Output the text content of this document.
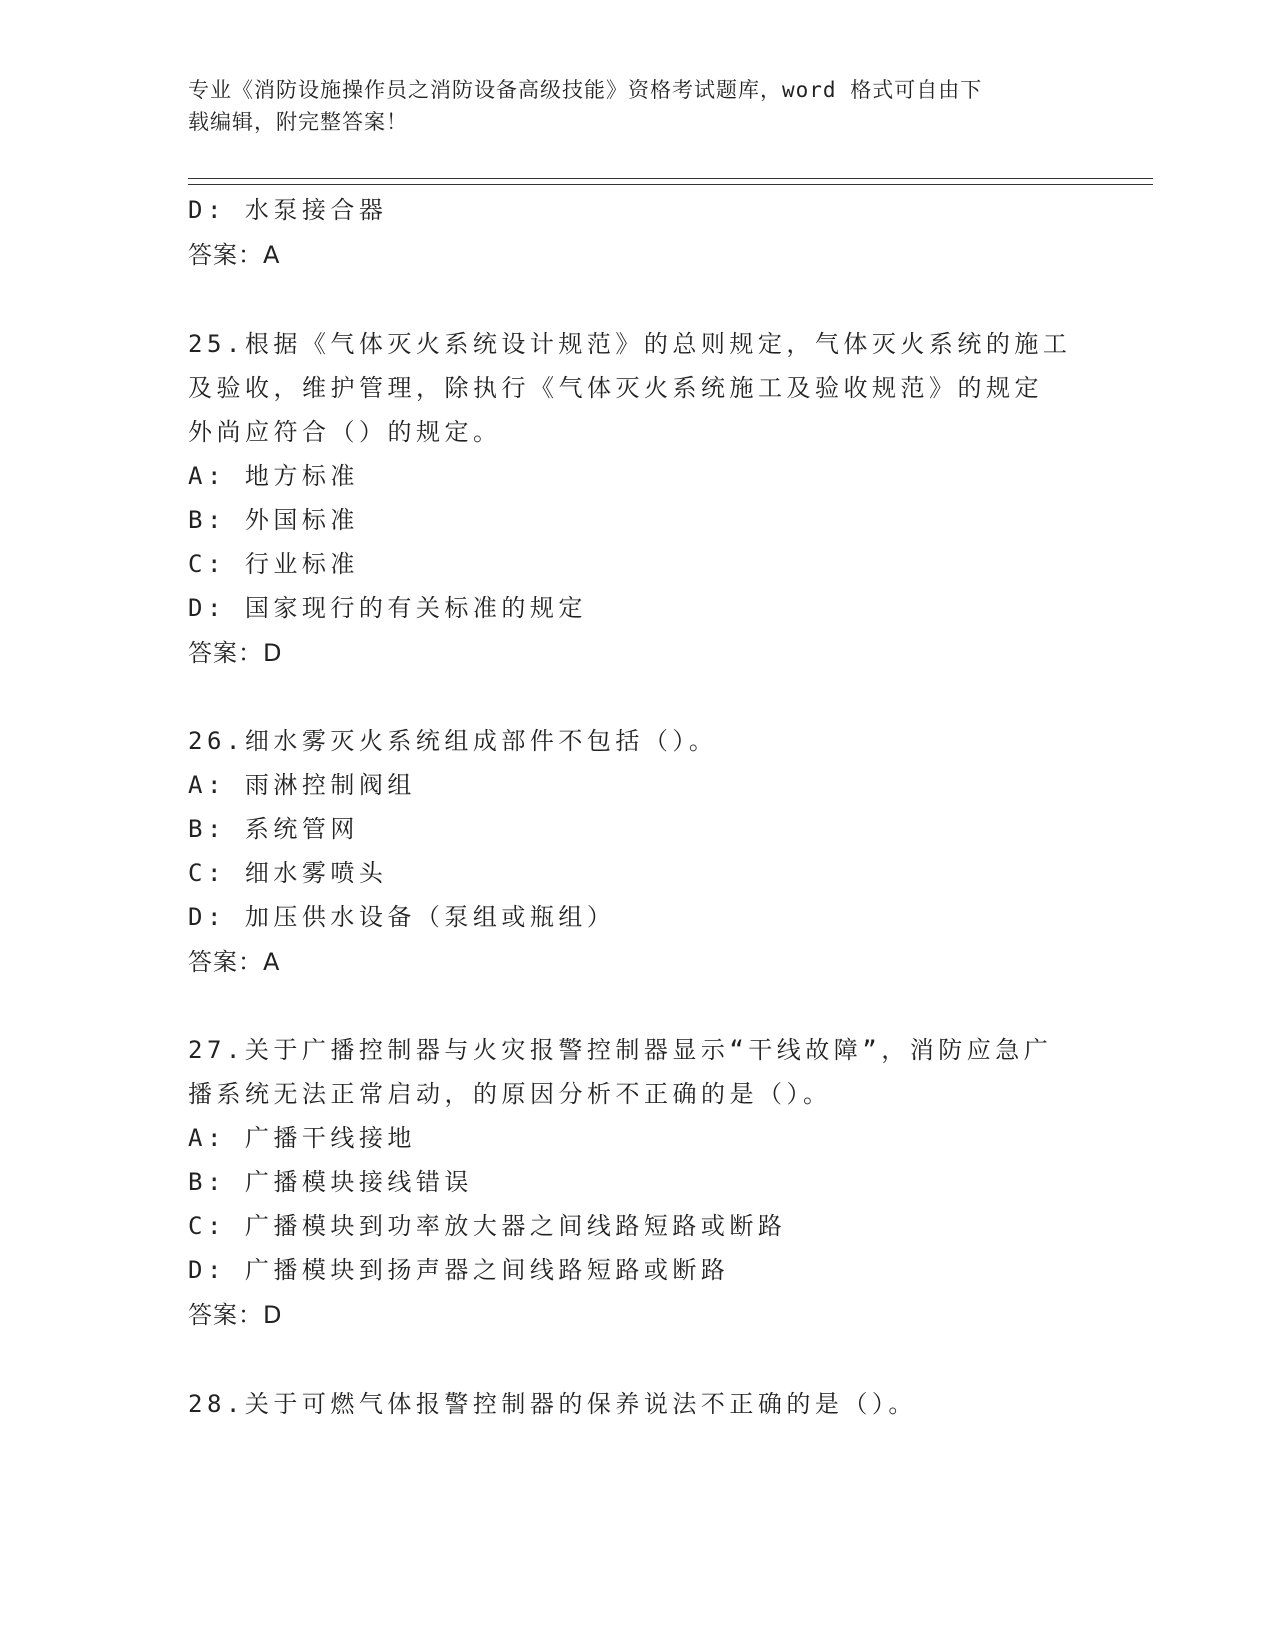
专业《消防设施操作员之消防设备高级技能》资格考试题库，word 格式可自由下
载编辑，附完整答案！
D: 水泵接合器
答案：A
25.根据《气体灭火系统设计规范》的总则规定，气体灭火系统的施工
及验收，维护管理，除执行《气体灭火系统施工及验收规范》的规定
外尚应符合（）的规定。
A: 地方标准
B: 外国标准
C: 行业标准
D: 国家现行的有关标准的规定
答案：D
26.细水雾灭火系统组成部件不包括（）。
A: 雨淋控制阀组
B: 系统管网
C: 细水雾喷头
D: 加压供水设备（泵组或瓶组）
答案：A
27.关于广播控制器与火灾报警控制器显示“干线故障”，消防应急广
播系统无法正常启动，的原因分析不正确的是（）。
A: 广播干线接地
B: 广播模块接线错误
C: 广播模块到功率放大器之间线路短路或断路
D: 广播模块到扬声器之间线路短路或断路
答案：D
28.关于可燃气体报警控制器的保养说法不正确的是（）。
